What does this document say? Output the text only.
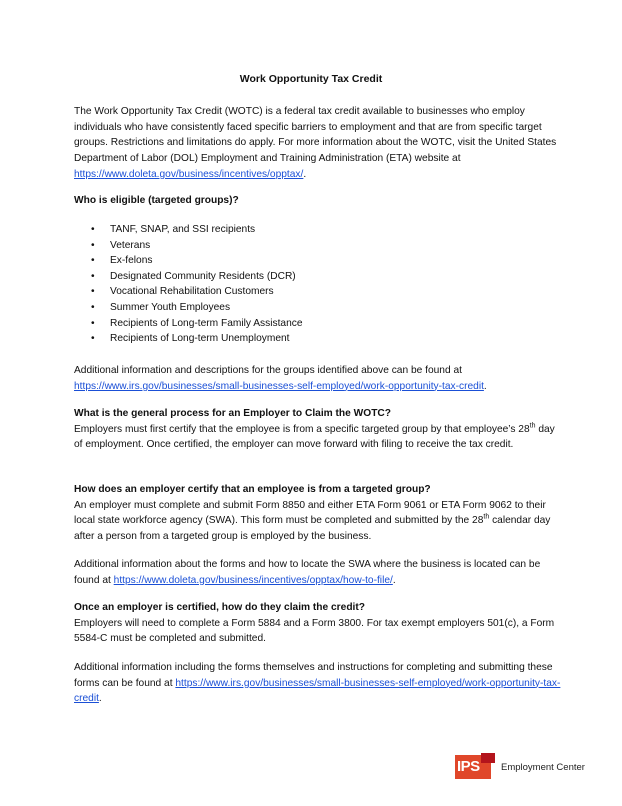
Work Opportunity Tax Credit

The Work Opportunity Tax Credit (WOTC) is a federal tax credit available to businesses who employ individuals who have consistently faced specific barriers to employment and that are from specific target groups. Restrictions and limitations do apply. For more information about the WOTC, visit the United States Department of Labor (DOL) Employment and Training Administration (ETA) website at https://www.doleta.gov/business/incentives/opptax/.

Who is eligible (targeted groups)?
• TANF, SNAP, and SSI recipients
• Veterans
• Ex-felons
• Designated Community Residents (DCR)
• Vocational Rehabilitation Customers
• Summer Youth Employees
• Recipients of Long-term Family Assistance
• Recipients of Long-term Unemployment

Additional information and descriptions for the groups identified above can be found at https://www.irs.gov/businesses/small-businesses-self-employed/work-opportunity-tax-credit.

What is the general process for an Employer to Claim the WOTC?

Employers must first certify that the employee is from a specific targeted group by that employee’s 28th day of employment. Once certified, the employer can move forward with filing to receive the tax credit.

How does an employer certify that an employee is from a targeted group?

An employer must complete and submit Form 8850 and either ETA Form 9061 or ETA Form 9062 to their local state workforce agency (SWA). This form must be completed and submitted by the 28th calendar day after a person from a targeted group is employed by the business.

Additional information about the forms and how to locate the SWA where the business is located can be found at https://www.doleta.gov/business/incentives/opptax/how-to-file/.

Once an employer is certified, how do they claim the credit?

Employers will need to complete a Form 5884 and a Form 3800. For tax exempt employers 501(c), a Form 5584-C must be completed and submitted.

Additional information including the forms themselves and instructions for completing and submitting these forms can be found at https://www.irs.gov/businesses/small-businesses-self-employed/work-opportunity-tax-credit.

IPS Employment Center
